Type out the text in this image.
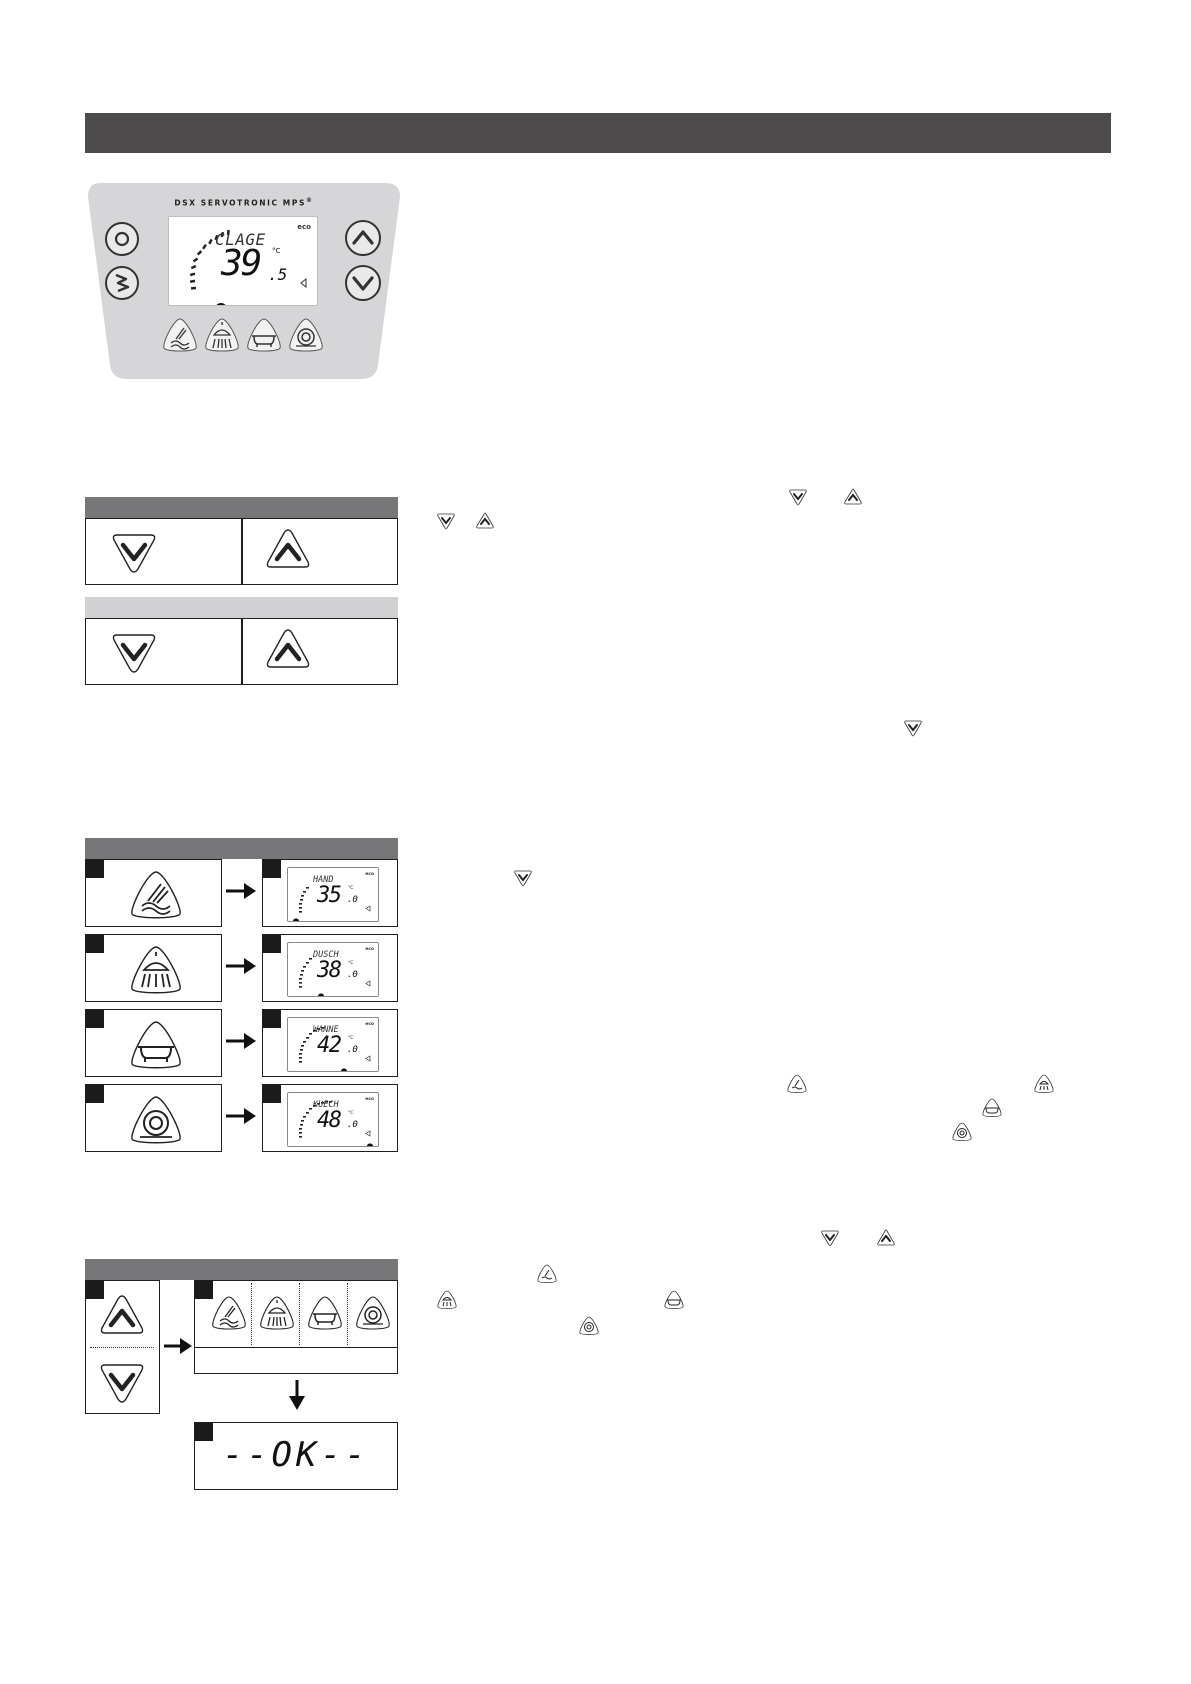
DSX SERVOTRONIC MPS®
eco
CLAGE
39 °C
.5
eco
HAND
35 °C
.0
eco
DUSCH
38 °C
.0
eco
WANNE
42 °C
.0
eco
KUECH
48 °C
.0
--OK--
